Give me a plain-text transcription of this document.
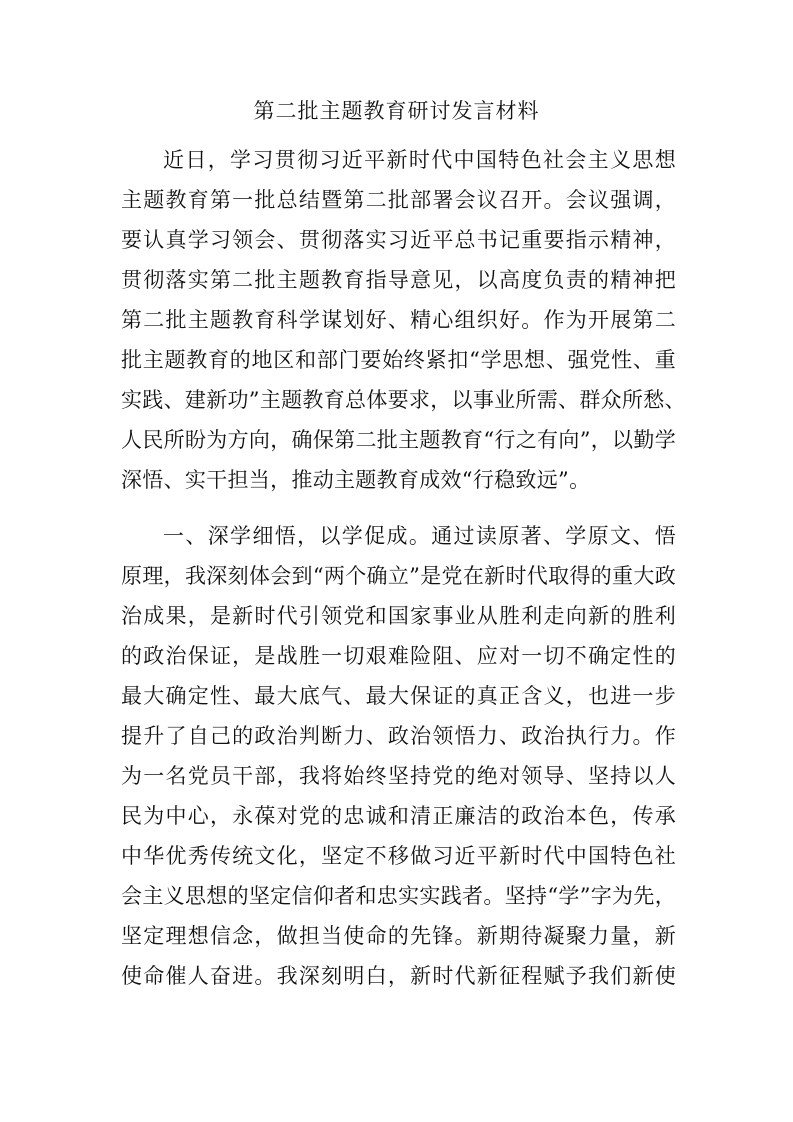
第二批主题教育研讨发言材料

近日，学习贯彻习近平新时代中国特色社会主义思想
主题教育第一批总结暨第二批部署会议召开。会议强调，
要认真学习领会、贯彻落实习近平总书记重要指示精神，
贯彻落实第二批主题教育指导意见，以高度负责的精神把
第二批主题教育科学谋划好、精心组织好。作为开展第二
批主题教育的地区和部门要始终紧扣“学思想、强党性、重
实践、建新功”主题教育总体要求，以事业所需、群众所愁、
人民所盼为方向，确保第二批主题教育“行之有向”，以勤学
深悟、实干担当，推动主题教育成效“行稳致远”。

一、深学细悟，以学促成。通过读原著、学原文、悟
原理，我深刻体会到“两个确立”是党在新时代取得的重大政
治成果，是新时代引领党和国家事业从胜利走向新的胜利
的政治保证，是战胜一切艰难险阻、应对一切不确定性的
最大确定性、最大底气、最大保证的真正含义，也进一步
提升了自己的政治判断力、政治领悟力、政治执行力。作
为一名党员干部，我将始终坚持党的绝对领导、坚持以人
民为中心，永葆对党的忠诚和清正廉洁的政治本色，传承
中华优秀传统文化，坚定不移做习近平新时代中国特色社
会主义思想的坚定信仰者和忠实实践者。坚持“学”字为先，
坚定理想信念，做担当使命的先锋。新期待凝聚力量，新
使命催人奋进。我深刻明白，新时代新征程赋予我们新使
